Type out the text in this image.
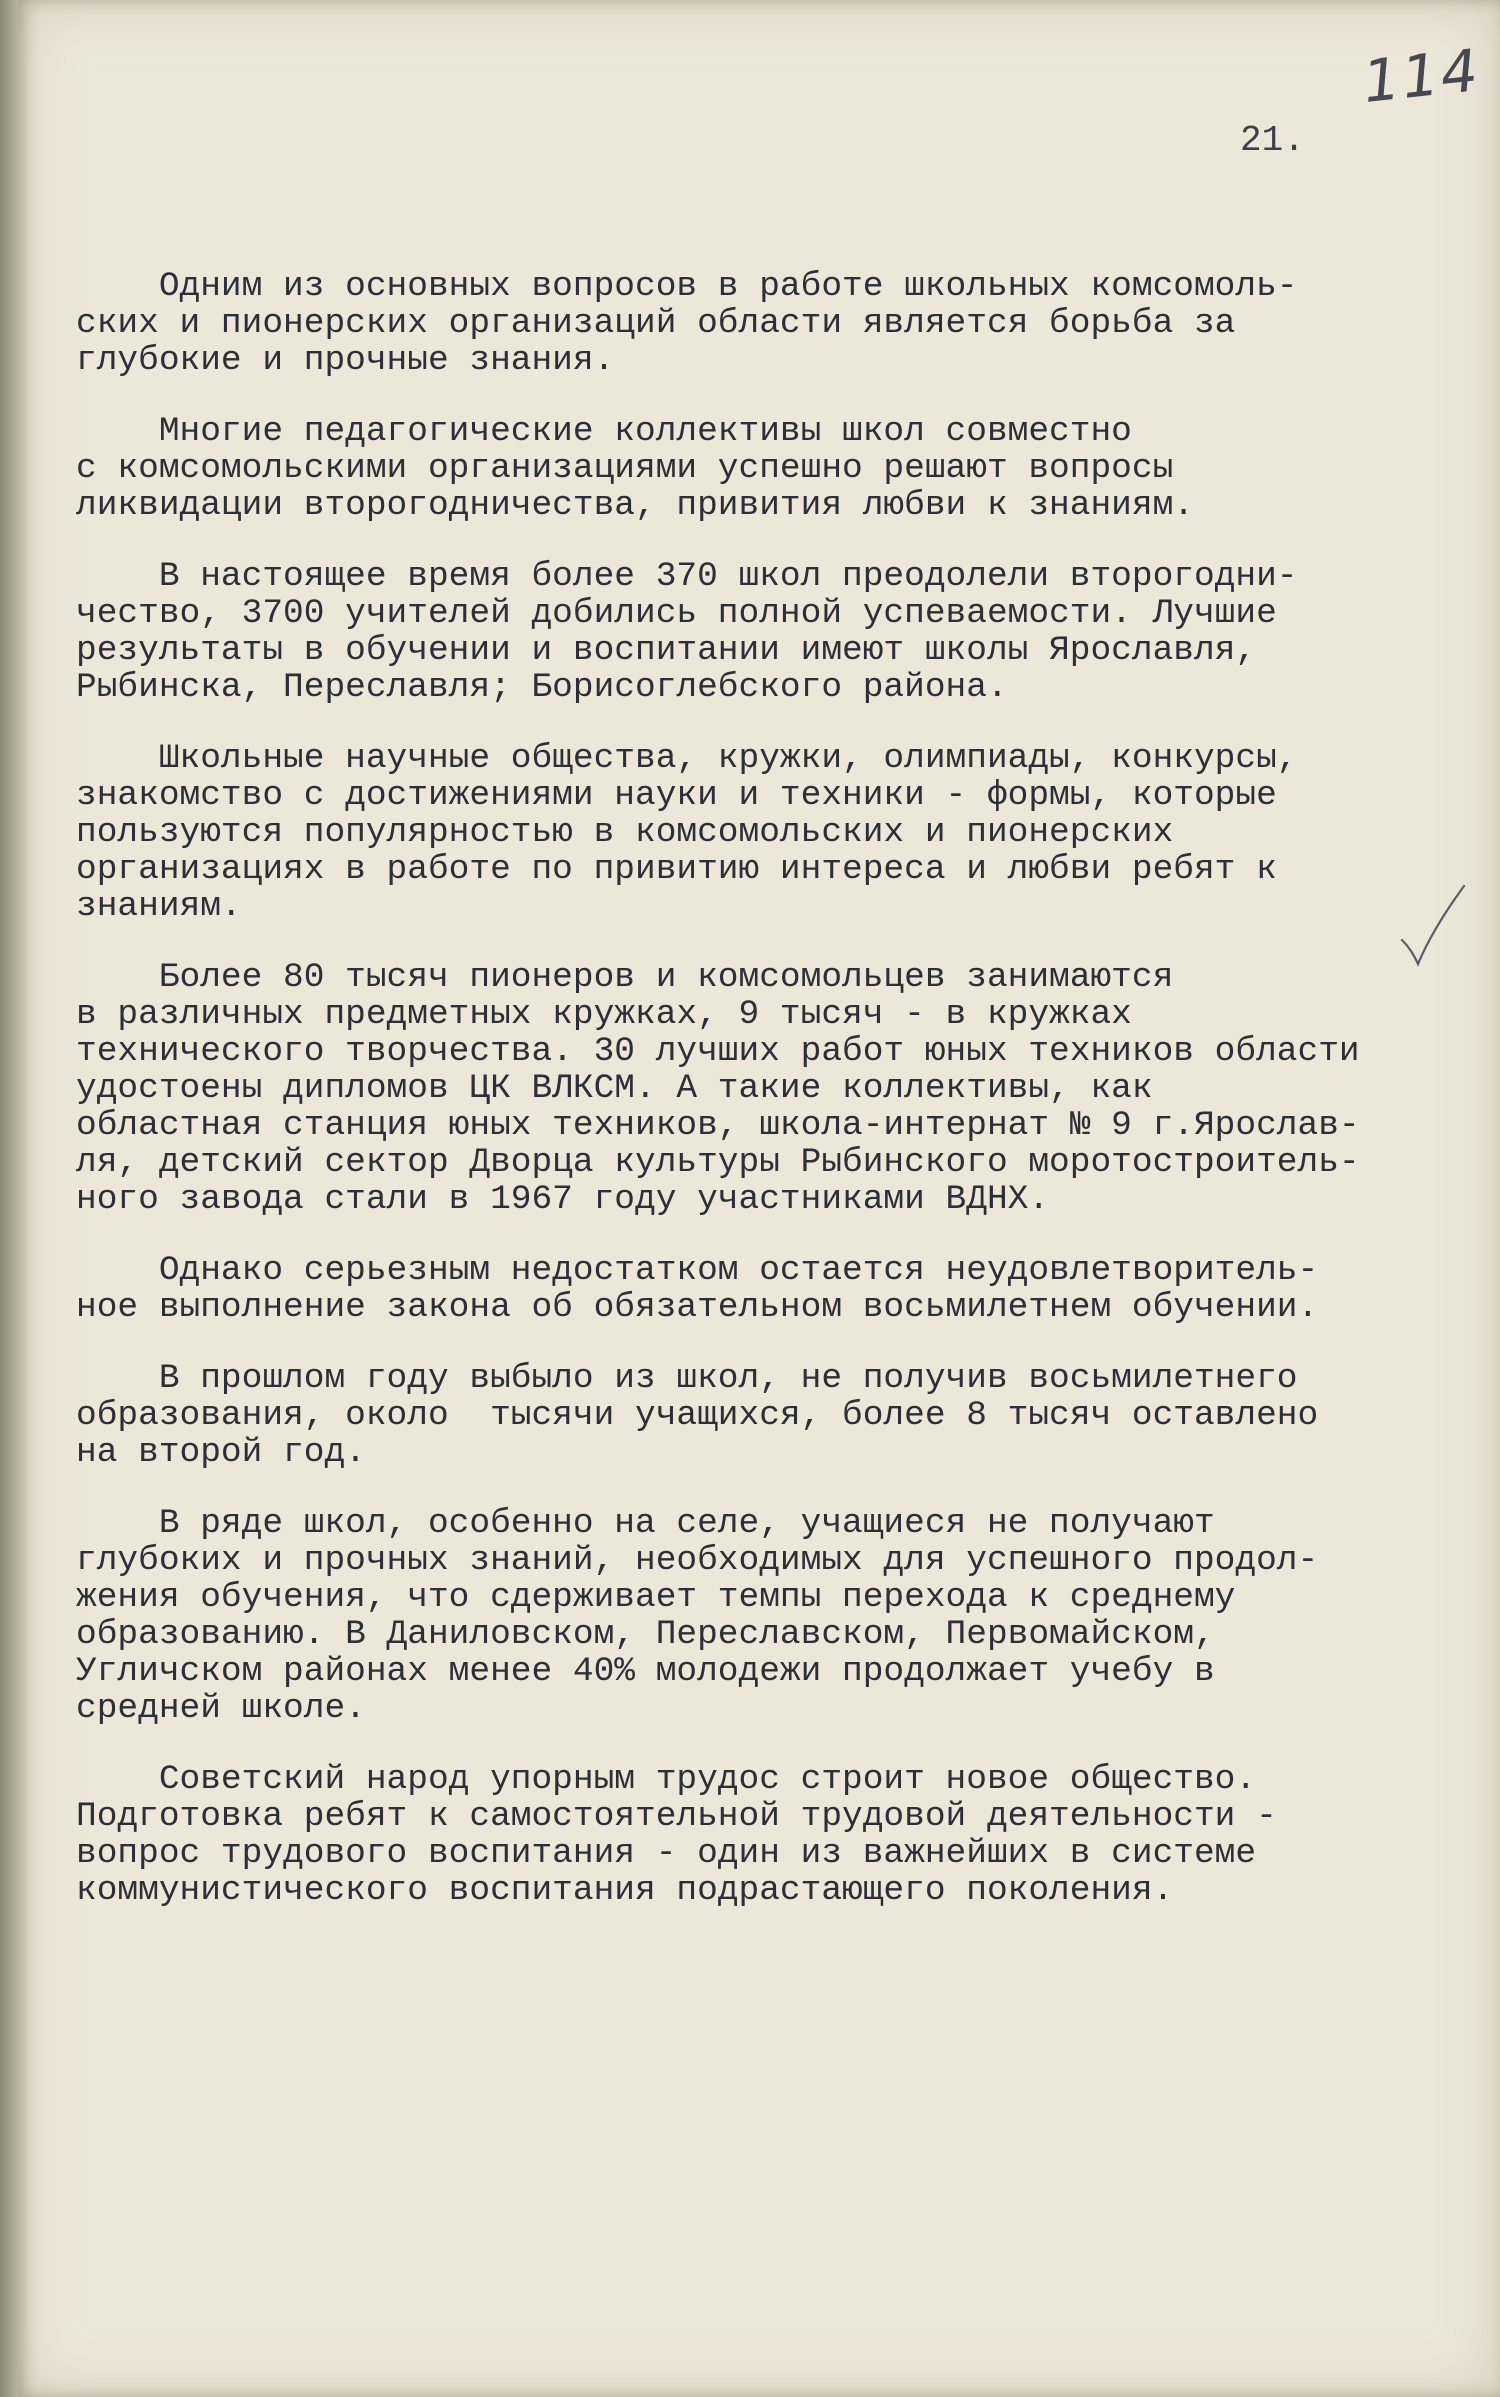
114
21.
Одним из основных вопросов в работе школьных комсомоль-
ских и пионерских организаций области является борьба за
глубокие и прочные знания.
Многие педагогические коллективы школ совместно
с комсомольскими организациями успешно решают вопросы
ликвидации второгодничества, привития любви к знаниям.
В настоящее время более 370 школ преодолели второгодни-
чество, 3700 учителей добились полной успеваемости. Лучшие
результаты в обучении и воспитании имеют школы Ярославля,
Рыбинска, Переславля; Борисоглебского района.
Школьные научные общества, кружки, олимпиады, конкурсы,
знакомство с достижениями науки и техники - формы, которые
пользуются популярностью в комсомольских и пионерских
организациях в работе по привитию интереса и любви ребят к
знаниям.
Более 80 тысяч пионеров и комсомольцев занимаются
в различных предметных кружках, 9 тысяч - в кружках
технического творчества. 30 лучших работ юных техников области
удостоены дипломов ЦК ВЛКСМ. А такие коллективы, как
областная станция юных техников, школа-интернат № 9 г.Ярослав-
ля, детский сектор Дворца культуры Рыбинского моротостроитель-
ного завода стали в 1967 году участниками ВДНХ.
Однако серьезным недостатком остается неудовлетворитель-
ное выполнение закона об обязательном восьмилетнем обучении.
В прошлом году выбыло из школ, не получив восьмилетнего
образования, около  тысячи учащихся, более 8 тысяч оставлено
на второй год.
В ряде школ, особенно на селе, учащиеся не получают
глубоких и прочных знаний, необходимых для успешного продол-
жения обучения, что сдерживает темпы перехода к среднему
образованию. В Даниловском, Переславском, Первомайском,
Угличском районах менее 40% молодежи продолжает учебу в
средней школе.
Советский народ упорным трудос строит новое общество.
Подготовка ребят к самостоятельной трудовой деятельности -
вопрос трудового воспитания - один из важнейших в системе
коммунистического воспитания подрастающего поколения.
